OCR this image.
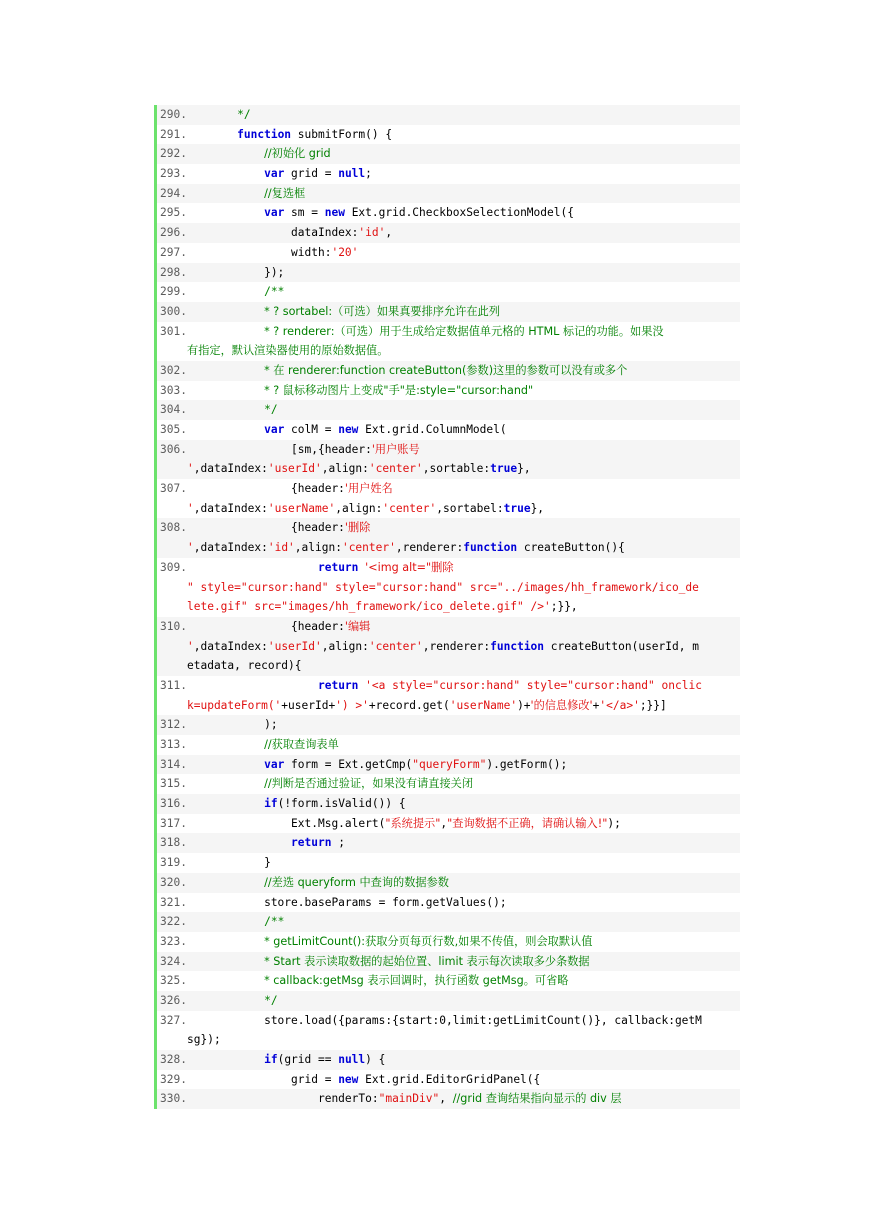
290.	*/
291.	function submitForm() {
292.	//初始化 grid
293.	var grid = null;
294.	//复选框
295.	var sm = new Ext.grid.CheckboxSelectionModel({
296.               dataIndex:'id',
297.               width:'20'
298.           });
299.	/**
300.	* ? sortabel:（可选）如果真要排序允许在此列
301.	* ? renderer:（可选）用于生成给定数据值单元格的 HTML 标记的功能。如果没
有指定，默认渲染器使用的原始数据值。
302.	* 在 renderer:function createButton(参数)这里的参数可以没有或多个
303.	* ? 鼠标移动图片上变成"手"是:style="cursor:hand"
304.	*/
305.	var colM = new Ext.grid.ColumnModel(
306.               [sm,{header:'用户账号
',dataIndex:'userId',align:'center',sortable:true},
307.               {header:'用户姓名
',dataIndex:'userName',align:'center',sortabel:true},
308.               {header:'删除
',dataIndex:'id',align:'center',renderer:function createButton(){
309.	return '<img alt="删除
" style="cursor:hand" style="cursor:hand" src="../images/hh_framework/ico_de
lete.gif" src="images/hh_framework/ico_delete.gif" />';}},
310.               {header:'编辑
',dataIndex:'userId',align:'center',renderer:function createButton(userId, m
etadata, record){
311.	return '<a style="cursor:hand" style="cursor:hand" onclic
k=updateForm('+userId+') >'+record.get('userName')+'的信息修改'+'</a>';}}]
312.           );
313.	//获取查询表单
314.	var form = Ext.getCmp("queryForm").getForm();
315.	//判断是否通过验证，如果没有请直接关闭
316.	if(!form.isValid()) {
317.               Ext.Msg.alert("系统提示","查询数据不正确，请确认输入!");
318.	return ;
319.           }
320.	//差选 queryform 中查询的数据参数
321.           store.baseParams = form.getValues();
322.	/**
323.	* getLimitCount():获取分页每页行数,如果不传值，则会取默认值
324.	* Start 表示读取数据的起始位置、limit 表示每次读取多少条数据
325.	* callback:getMsg 表示回调时，执行函数 getMsg。可省略
326.	*/
327.           store.load({params:{start:0,limit:getLimitCount()}, callback:getM
sg});
328.	if(grid == null) {
329.               grid = new Ext.grid.EditorGridPanel({
330.                   renderTo:"mainDiv", //grid 查询结果指向显示的 div 层
